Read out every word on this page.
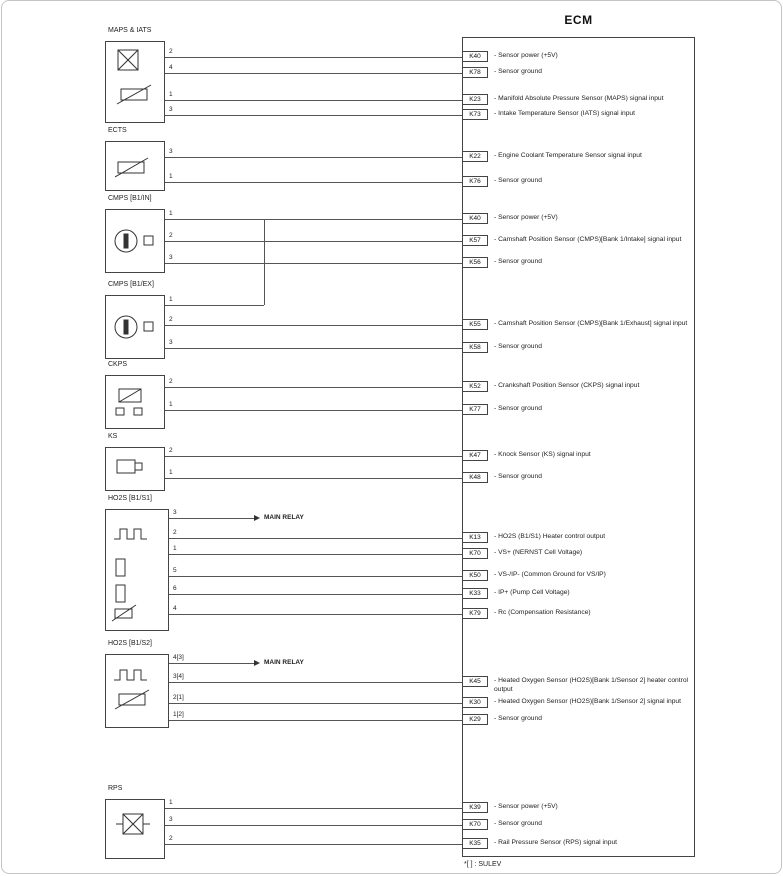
ECM
*[ ] : SULEV
K40	- Sensor power (+5V)
K78	- Sensor ground
K23	- Manifold Absolute Pressure Sensor (MAPS) signal input
K73	- Intake Temperature Sensor (IATS) signal input
K22	- Engine Coolant Temperature Sensor signal input
K76	- Sensor ground
K40	- Sensor power (+5V)
K57	- Camshaft Position Sensor (CMPS)[Bank 1/Intake] signal input
K56	- Sensor ground
K55	- Camshaft Position Sensor (CMPS)[Bank 1/Exhaust] signal input
K58	- Sensor ground
K52	- Crankshaft Position Sensor (CKPS) signal input
K77	- Sensor ground
K47	- Knock Sensor (KS) signal input
K48	- Sensor ground
K13	- HO2S (B1/S1) Heater control output
K70	- VS+ (NERNST Cell Voltage)
K50	- VS-/IP- (Common Ground for VS/IP)
K33	- IP+ (Pump Cell Voltage)
K79	- Rc (Compensation Resistance)
K45	- Heated Oxygen Sensor (HO2S)[Bank 1/Sensor 2] heater control output
K30	- Heated Oxygen Sensor (HO2S)[Bank 1/Sensor 2] signal input
K29	- Sensor ground
K39	- Sensor power (+5V)
K70	- Sensor ground
K35	- Rail Pressure Sensor (RPS) signal input
MAPS & IATS
2
4
1
3
ECTS
3
1
CMPS [B1/IN]
1
2
3
CMPS [B1/EX]
1
2
3
CKPS
2
1
KS
2
1
HO2S [B1/S1]
3
MAIN RELAY
2
1
5
6
4
HO2S [B1/S2]
4[3]
MAIN RELAY
3[4]
2[1]
1[2]
RPS
1
3
2
